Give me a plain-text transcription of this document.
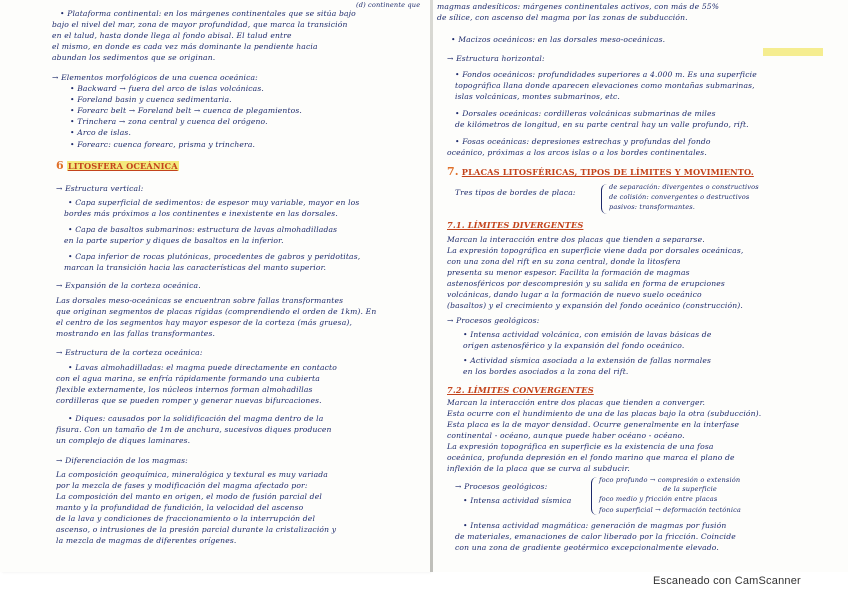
(d) continente que
• Plataforma continental: en los márgenes continentales que se sitúa bajo
bajo el nivel del mar, zona de mayor profundidad, que marca la transición
en el talud, hasta donde llega al fondo abisal. El talud entre
el mismo, en donde es cada vez más dominante la pendiente hacia
abundan los sedimentos que se originan.
→ Elementos morfológicos de una cuenca oceánica:
• Backward → fuera del arco de islas volcánicas.
• Foreland basin y cuenca sedimentaria.
• Forearc belt → Foreland belt → cuenca de plegamientos.
• Trinchera → zona central y cuenca del orógeno.
• Arco de islas.
• Forearc: cuenca forearc, prisma y trinchera.
6 LITOSFERA OCEÁNICA
→ Estructura vertical:
• Capa superficial de sedimentos: de espesor muy variable, mayor en los
bordes más próximos a los continentes e inexistente en las dorsales.
• Capa de basaltos submarinos: estructura de lavas almohadilladas
en la parte superior y diques de basaltos en la inferior.
• Capa inferior de rocas plutónicas, procedentes de gabros y peridotitas,
marcan la transición hacia las características del manto superior.
→ Expansión de la corteza oceánica.
Las dorsales meso-oceánicas se encuentran sobre fallas transformantes
que originan segmentos de placas rígidas (comprendiendo el orden de 1km). En
el centro de los segmentos hay mayor espesor de la corteza (más gruesa),
mostrando en las fallas transformantes.
→ Estructura de la corteza oceánica:
• Lavas almohadilladas: el magma puede directamente en contacto
con el agua marina, se enfría rápidamente formando una cubierta
flexible externamente, los núcleos internos forman almohadillas
cordilleras que se pueden romper y generar nuevas bifurcaciones.
• Diques: causados por la solidificación del magma dentro de la
fisura. Con un tamaño de 1m de anchura, sucesivos diques producen
un complejo de diques laminares.
→ Diferenciación de los magmas:
La composición geoquímica, mineralógica y textural es muy variada
por la mezcla de fases y modificación del magma afectado por:
La composición del manto en origen, el modo de fusión parcial del
manto y la profundidad de fundición, la velocidad del ascenso
de la lava y condiciones de fraccionamiento o la interrupción del
ascenso, o intrusiones de la presión parcial durante la cristalización y
la mezcla de magmas de diferentes orígenes.
magmas andesíticos: márgenes continentales activos, con más de 55%
de sílice, con ascenso del magma por las zonas de subducción.
• Macizos oceánicos: en las dorsales meso-oceánicas.
→ Estructura horizontal:
• Fondos oceánicos: profundidades superiores a 4.000 m. Es una superficie
topográfica llana donde aparecen elevaciones como montañas submarinas,
islas volcánicas, montes submarinos, etc.
• Dorsales oceánicas: cordilleras volcánicas submarinas de miles
de kilómetros de longitud, en su parte central hay un valle profundo, rift.
• Fosas oceánicas: depresiones estrechas y profundas del fondo
oceánico, próximas a los arcos islas o a los bordes continentales.
7. PLACAS LITOSFÉRICAS, TIPOS DE LÍMITES Y MOVIMIENTO.
Tres tipos de bordes de placa:
de separación: divergentes o constructivos
de colisión: convergentes o destructivos
pasivos: transformantes.
7.1. LÍMITES DIVERGENTES
Marcan la interacción entre dos placas que tienden a separarse.
La expresión topográfica en superficie viene dada por dorsales oceánicas,
con una zona del rift en su zona central, donde la litosfera
presenta su menor espesor. Facilita la formación de magmas
astenosféricos por descompresión y su salida en forma de erupciones
volcánicas, dando lugar a la formación de nuevo suelo oceánico
(basaltos) y el crecimiento y expansión del fondo oceánico (construcción).
→ Procesos geológicos:
• Intensa actividad volcánica, con emisión de lavas básicas de
origen astenosférico y la expansión del fondo oceánico.
• Actividad sísmica asociada a la extensión de fallas normales
en los bordes asociados a la zona del rift.
7.2. LÍMITES CONVERGENTES
Marcan la interacción entre dos placas que tienden a converger.
Esta ocurre con el hundimiento de una de las placas bajo la otra (subducción).
Esta placa es la de mayor densidad. Ocurre generalmente en la interfase
continental - océano, aunque puede haber océano - océano.
La expresión topográfica en superficie es la existencia de una fosa
oceánica, profunda depresión en el fondo marino que marca el plano de
inflexión de la placa que se curva al subducir.
→ Procesos geológicos:
• Intensa actividad sísmica
foco profundo → compresión o extensión
de la superficie
foco medio y fricción entre placas
foco superficial → deformación tectónica
• Intensa actividad magmática: generación de magmas por fusión
de materiales, emanaciones de calor liberado por la fricción. Coincide
con una zona de gradiente geotérmico excepcionalmente elevado.
Escaneado con CamScanner
